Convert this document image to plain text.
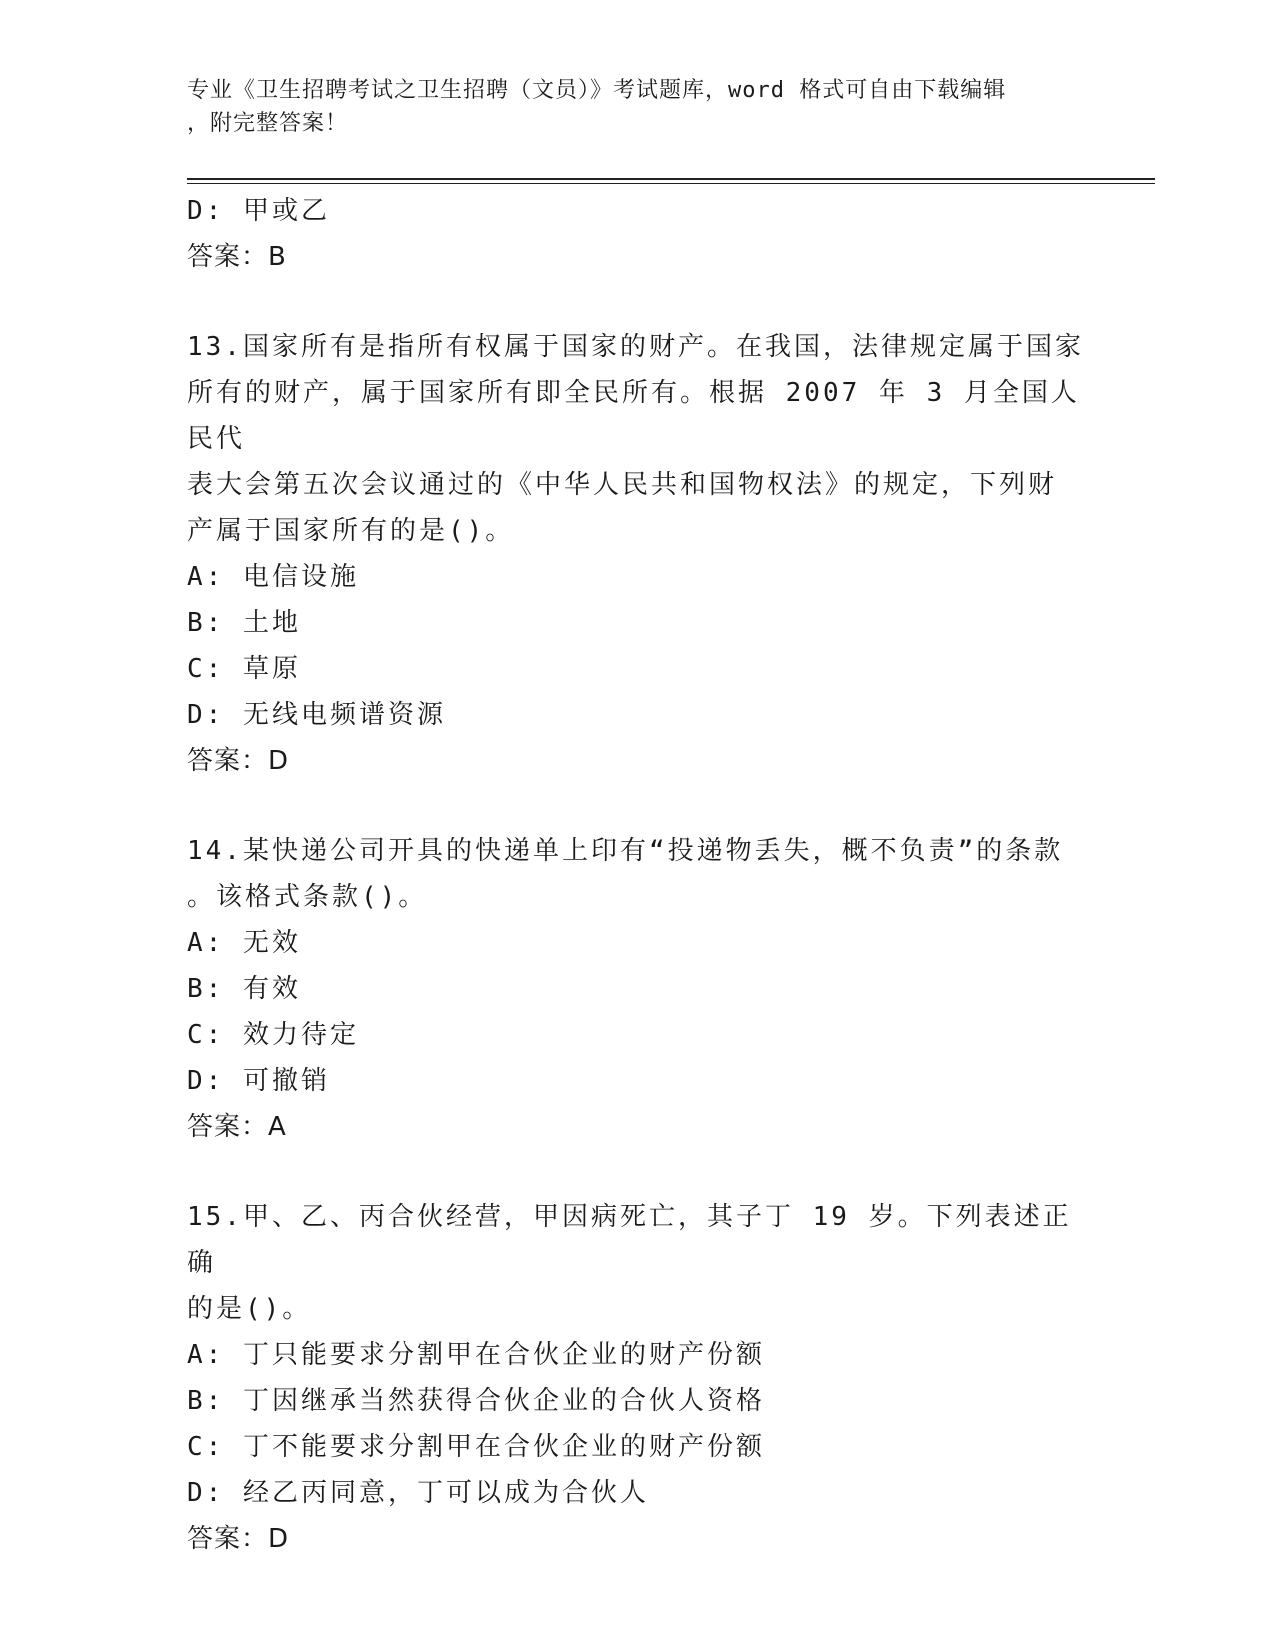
专业《卫生招聘考试之卫生招聘（文员）》考试题库，word 格式可自由下载编辑
，附完整答案！
D: 甲或乙
答案：B
13.国家所有是指所有权属于国家的财产。在我国，法律规定属于国家
所有的财产，属于国家所有即全民所有。根据 2007 年 3 月全国人民代
表大会第五次会议通过的《中华人民共和国物权法》的规定，下列财
产属于国家所有的是()。
A: 电信设施
B: 土地
C: 草原
D: 无线电频谱资源
答案：D
14.某快递公司开具的快递单上印有“投递物丢失，概不负责”的条款
。该格式条款()。
A: 无效
B: 有效
C: 效力待定
D: 可撤销
答案：A
15.甲、乙、丙合伙经营，甲因病死亡，其子丁 19 岁。下列表述正确
的是()。
A: 丁只能要求分割甲在合伙企业的财产份额
B: 丁因继承当然获得合伙企业的合伙人资格
C: 丁不能要求分割甲在合伙企业的财产份额
D: 经乙丙同意，丁可以成为合伙人
答案：D
